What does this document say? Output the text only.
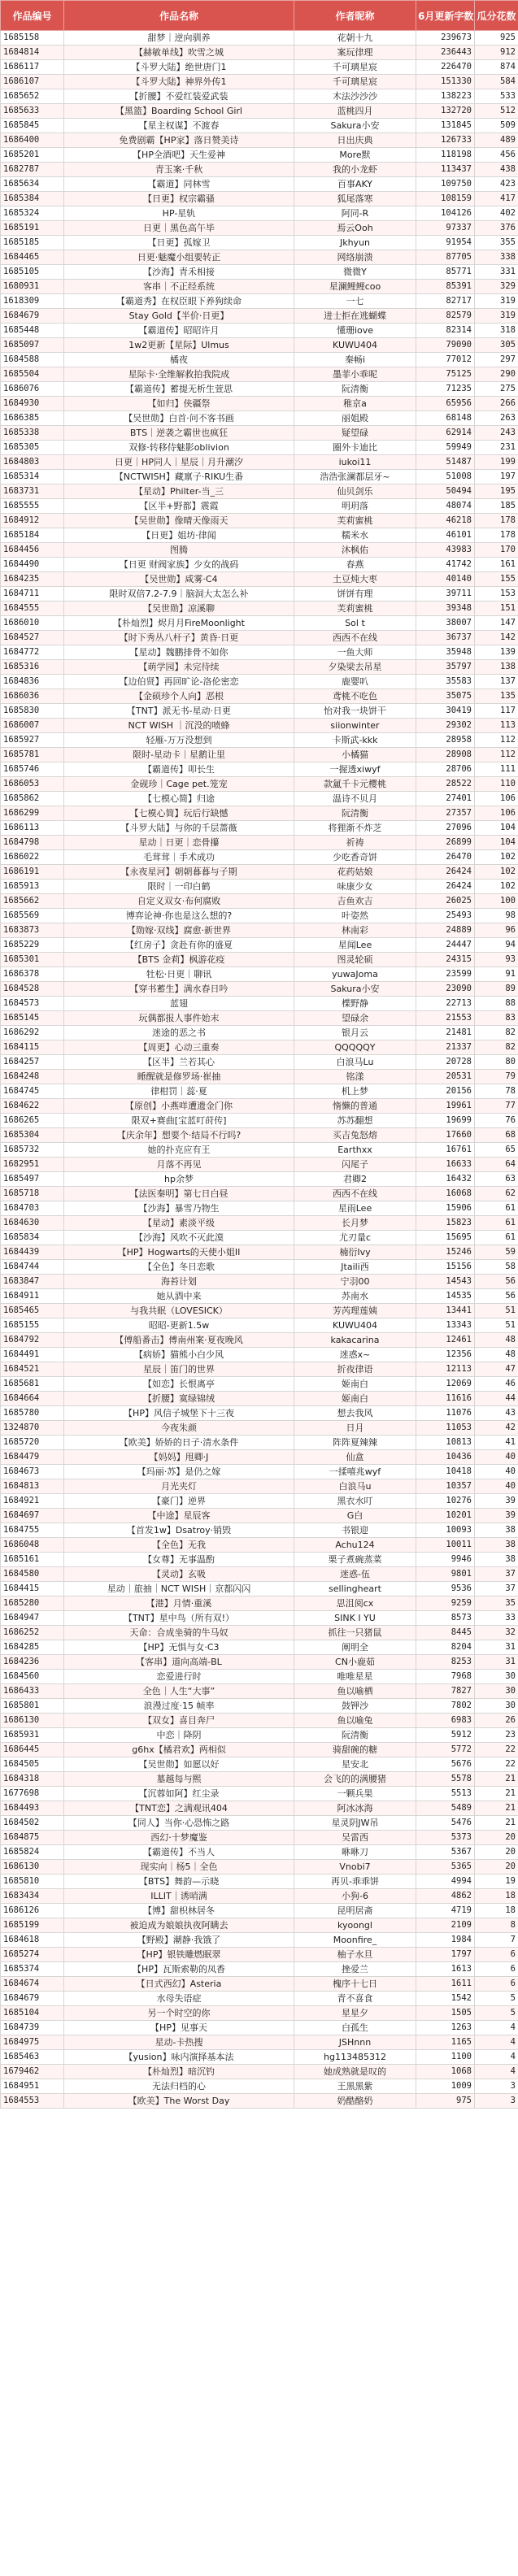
作品编号	作品名称	作者昵称	6月更新字数	瓜分花数
1685158	甜梦｜逆向驯养	花朝十九	239673	925
1684814	【赫敏单线】吹雪之城	案玩律理	236443	912
1686117	【斗罗大陆】绝世唐门1	千可璃星宸	226470	874
1686107	【斗罗大陆】神界外传1	千可璃星宸	151330	584
1685652	【折腰】不爱红装爱武装	木法沙沙沙	138223	533
1685633	【黑篮】Boarding School Girl	蓝桃四月	132720	512
1685845	【星主权谋】不渡春	Sakura小安	131845	509
1686400	免费剧霸【HP家】落日赞美诗	日出庆典	126733	489
1685201	【HP全酒吧】天生爱神	More默	118198	456
1682787	青玉案·千秋	我的小龙虾	113437	438
1685634	【霸道】同林雪	百事AKY	109750	423
1685384	【日更】权宗霸骚	狐尾落寒	108159	417
1685324	HP-星轨	阿同-R	104126	402
1685191	日更｜黑色高午毕	焉云Ooh	97337	376
1685185	【日更】孤嫁卫	Jkhyun	91954	355
1684465	日更·魅魔小组要转正	网络崩溃	87705	338
1685105	【沙海】青禾相接	微微Y	85771	331
1680931	客串｜不正经系统	星澜鲤鲤coo	85391	329
1618309	【霸道秀】在权臣眼下养狗续命	一七	82717	319
1684679	Stay Gold【半价·日更】	进士拒在逃蝴蝶	82579	319
1685448	【霸道传】昭昭许月	懂珊iove	82314	318
1685097	1w2更新【星际】Ulmus	KUWU404	79090	305
1684588	橘夜	秦畅i	77012	297
1685504	星际卡·全维解救拍我院成	墨菲小乖呢	75125	290
1686076	【霸道传】蓄提无析生萱思	阮清衡	71235	275
1684930	【如归】侠疆祭	稚京a	65956	266
1686385	【吴世勋】白首·问不客书画	丽姐殿	68148	263
1685338	BTS｜逆袭之霸世也疯狂	疑望碌	62914	243
1685305	双修·转移侍魅影oblivion	圈外卡迪比	59949	231
1684803	日更｜HP同人｜星辰｜月升潮汐	iukoi11	51487	199
1685314	【NCTWISH】藏禀子·RIKU生番	浩浩张澜都层牙~	51008	197
1683731	【星动】Philter-当_三	仙贝剑乐	50494	195
1685555	【区半+野都】震霞	明玥落	48074	185
1684912	【吴世勋】像晴天像雨天	芙莉蜜桃	46218	178
1685184	【日更】姐坊·律闻	糯米水	46101	178
1684456	图腾	沐枫佑	43983	170
1684490	【日更 财阀家族】少女的战码	春燕	41742	161
1684235	【吴世勋】咸雾·C4	土豆炖大枣	40140	155
1684711	限时双倍7.2-7.9｜脑洞大太怎么补	饼饼有理	39711	153
1684555	【吴世勋】凉溪聊	芙莉蜜桃	39348	151
1686010	【朴灿烈】烬月月FireMoonlight	Sol t	38007	147
1684527	【时下秀丛八杆子】黄昏·日更	西西不在线	36737	142
1684772	【星动】魏鹏排骨不如你	一鱼大师	35948	139
1685316	【萌学园】未完待续	夕染梁去吊星	35797	138
1684836	【边伯贤】再回旷论-洛伦密恋	鹿婴叭	35583	137
1686036	【金硕珍个人向】恶根	鸢桃不吃色	35075	135
1685830	【TNT】派无书-星动·日更	怡对我一块饼干	30419	117
1686007	NCT WISH ｜沉没的喷蜂	siionwinter	29302	113
1685927	轻雁-万万没想到	卡斯武-kkk	28958	112
1685781	限时-星动卡｜星鹅让里	小橘猫	28908	112
1685746	【霸道传】叩长生	一握透xiwyf	28706	111
1686053	金砚珍｜Cage pet.笼宠	款氲千卡元樱桃	28522	110
1685862	【七模心简】归途	温诗不贝月	27401	106
1686299	【七模心简】玩后行缺憾	阮清衡	27357	106
1686113	【斗罗大陆】与你的千层蔷薇	将狸渐不炸芝	27096	104
1684798	星动｜日更｜恋骨攥	祈祷	26899	104
1686022	毛茸茸｜手术成功	少吃香奇饼	26470	102
1686191	【永夜星河】朝朝暮暮与子期	花药姑娘	26424	102
1685913	限时｜一印白鹤	味康少女	26424	102
1685662	自定义双女·布何腐败	吉鱼欢吉	26025	100
1685569	博弈论神·你也是这么想的?	叶姿然	25493	98
1683873	【勋嫁·双线】腐愈·新世界	林南彩	24889	96
1685229	【红房子】贪赴有你的盛夏	星闻Lee	24447	94
1685301	【BTS 金莉】枫游花疫	图灵轮硕	24315	93
1686378	牡松·日更｜聊讯	yuwaJoma	23599	91
1684528	【穿书蓄生】满水春日吟	Sakura小安	23090	89
1684573	蓝翅	楪野静	22713	88
1685145	玩偶都报人事件始末	望碌余	21553	83
1686292	迷途的恶之书	银月云	21481	82
1684115	【周更】心动三重奏	QQQQQY	21337	82
1684257	【区半】兰若其心	白浪马Lu	20728	80
1684248	睡醒就是修罗场·崔抽	铭漾	20531	79
1684745	律柑罚｜蕊·夏	机上梦	20156	78
1684622	【原创】小燕咩遭遗金门你	惰懒的普通	19961	77
1686265	限双+赛曲[宝蓝叮莳传]	苏苏翻想	19699	76
1685304	【庆余年】想要个·结局不行吗?	买吉兔怒熔	17660	68
1685732	她的扑克应有王	Earthxx	16761	65
1682951	月落不再见	闪尾子	16633	64
1685497	hp余梦	君卿2	16432	63
1685718	【法医秦明】第七日白昼	西西不在线	16068	62
1684703	【沙海】暴雪乃物生	星雨Lee	15906	61
1684630	【星动】素淡平级	长月梦	15823	61
1685834	【沙海】风吹不灭此漠	尤刃量c	15695	61
1684439	【HP】Hogwarts的天使小姐II	楠衍Ivy	15246	59
1684744	【全色】冬日恋歌	Jtaili西	15156	58
1683847	海苔计划	宁羽00	14543	56
1684911	她从酒中来	苏南水	14535	56
1685465	与我共眠（LOVESICK）	芳芮理莲姨	13441	51
1685155	昭昭-更新1.5w	KUWU404	13343	51
1684792	【傅船番击】傅南州案·夏夜晚风	kakacarina	12461	48
1684491	【病娇】猫熊小白少风	迷惑x~	12356	48
1684521	星辰｜笛门的世界	折夜律语	12113	47
1685681	【如恋】长恨离亭	姬南白	12069	46
1684664	【折腰】寞绿锦绒	姬南白	11616	44
1685780	【HP】风信子城堡下十三夜	想去我风	11076	43
1324870	今夜朱颜	日月	11053	42
1685720	【欧美】娇娇的日子·清水条件	阵阵夏辣辣	10813	41
1684479	【妈妈】甩卿·J	仙盒	10436	40
1684673	【玛丽·苏】是仍之嫁	一揉嘻兆wyf	10418	40
1684813	月光夹灯	白浪马u	10357	40
1684921	【豪门】逆界	黑衣水叮	10276	39
1684697	【中途】星辰客	G白	10201	39
1684755	【首发1w】Dsatroy·销毁	书银迎	10093	38
1686048	【全色】无我	Achu124	10011	38
1685161	【女尊】无事温酌	栗子煮碗蒸菜	9946	38
1684580	【灵动】玄吸	迷惑-伍	9801	37
1684415	星动｜旅抽｜NCT WISH｜京都闪闪	sellingheart	9536	37
1685280	【港】月情·重溪	思沮阅cx	9259	35
1684947	【TNT】星中鸟（所有双!）	SINK I YU	8573	33
1686252	天命：合成坐骑的牛马奴	抓往一只猪鼠	8445	32
1684285	【HP】无惧与女·C3	阐明全	8204	31
1684236	【客串】道向高端-BL	CN小鹿茹	8253	31
1684560	恋爱进行时	唯唯星星	7968	30
1686433	全色｜人生“大事”	鱼以喻栖	7827	30
1685801	浪漫过度·15 帧率	鼓钾沙	7802	30
1686130	【双女】喜目奔尸	鱼以喻兔	6983	26
1685931	中恋｜降阴	阮清衡	5912	23
1686445	g6hx【橘君欢】两相似	骑甜碗的糖	5772	22
1684505	【吴世勋】如愿以好	星安北	5676	22
1684318	墓越每与熙	会飞的的满腰猪	5578	21
1677698	【沉蓉如阿】红尘录	一颗兵果	5513	21
1684493	【TNT恋】之满观讯404	阿冰冰海	5489	21
1684502	【同人】当你·心恐怖之路	星灵阴JW吊	5476	21
1684875	西幻·十梦魔鉴	吴雷西	5373	20
1685824	【霸道传】不当人	咻咻刀	5367	20
1686130	现实向｜杨5｜全色	Vnobi7	5365	20
1685810	【BTS】舞韵—示晓	再贝-乖乖饼	4994	19
1683434	ILLIT｜诱哨满	小狗-6	4862	18
1686126	【博】甜枳林居冬	昆明居斋	4719	18
1685199	被迫成为娘娘执夜阿瞒去	kyoongl	2109	8
1684618	【野殿】潮静·我饿了	Moonfire_	1984	7
1685274	【HP】银铁雕燃眠翠	柚子水旦	1797	6
1685374	【HP】瓦斯索勒的凤香	挫爱兰	1613	6
1684674	【日式西幻】Asteria	槐序十七日	1611	6
1684679	水母失语症	青不喜食	1542	5
1685104	另一个时空的你	星星夕	1505	5
1684739	【HP】见事天	白孤生	1263	4
1684975	星动-卡热搜	JSHnnn	1165	4
1685463	【yusion】咏内演择基本法	hg113485312	1100	4
1679462	【朴灿烈】暗沉钓	她成熟就是叹的	1068	4
1684951	无法归档的心	王黑黑紫	1009	3
1684553	【欧美】The Worst Day	奶酷酪奶	975	3
